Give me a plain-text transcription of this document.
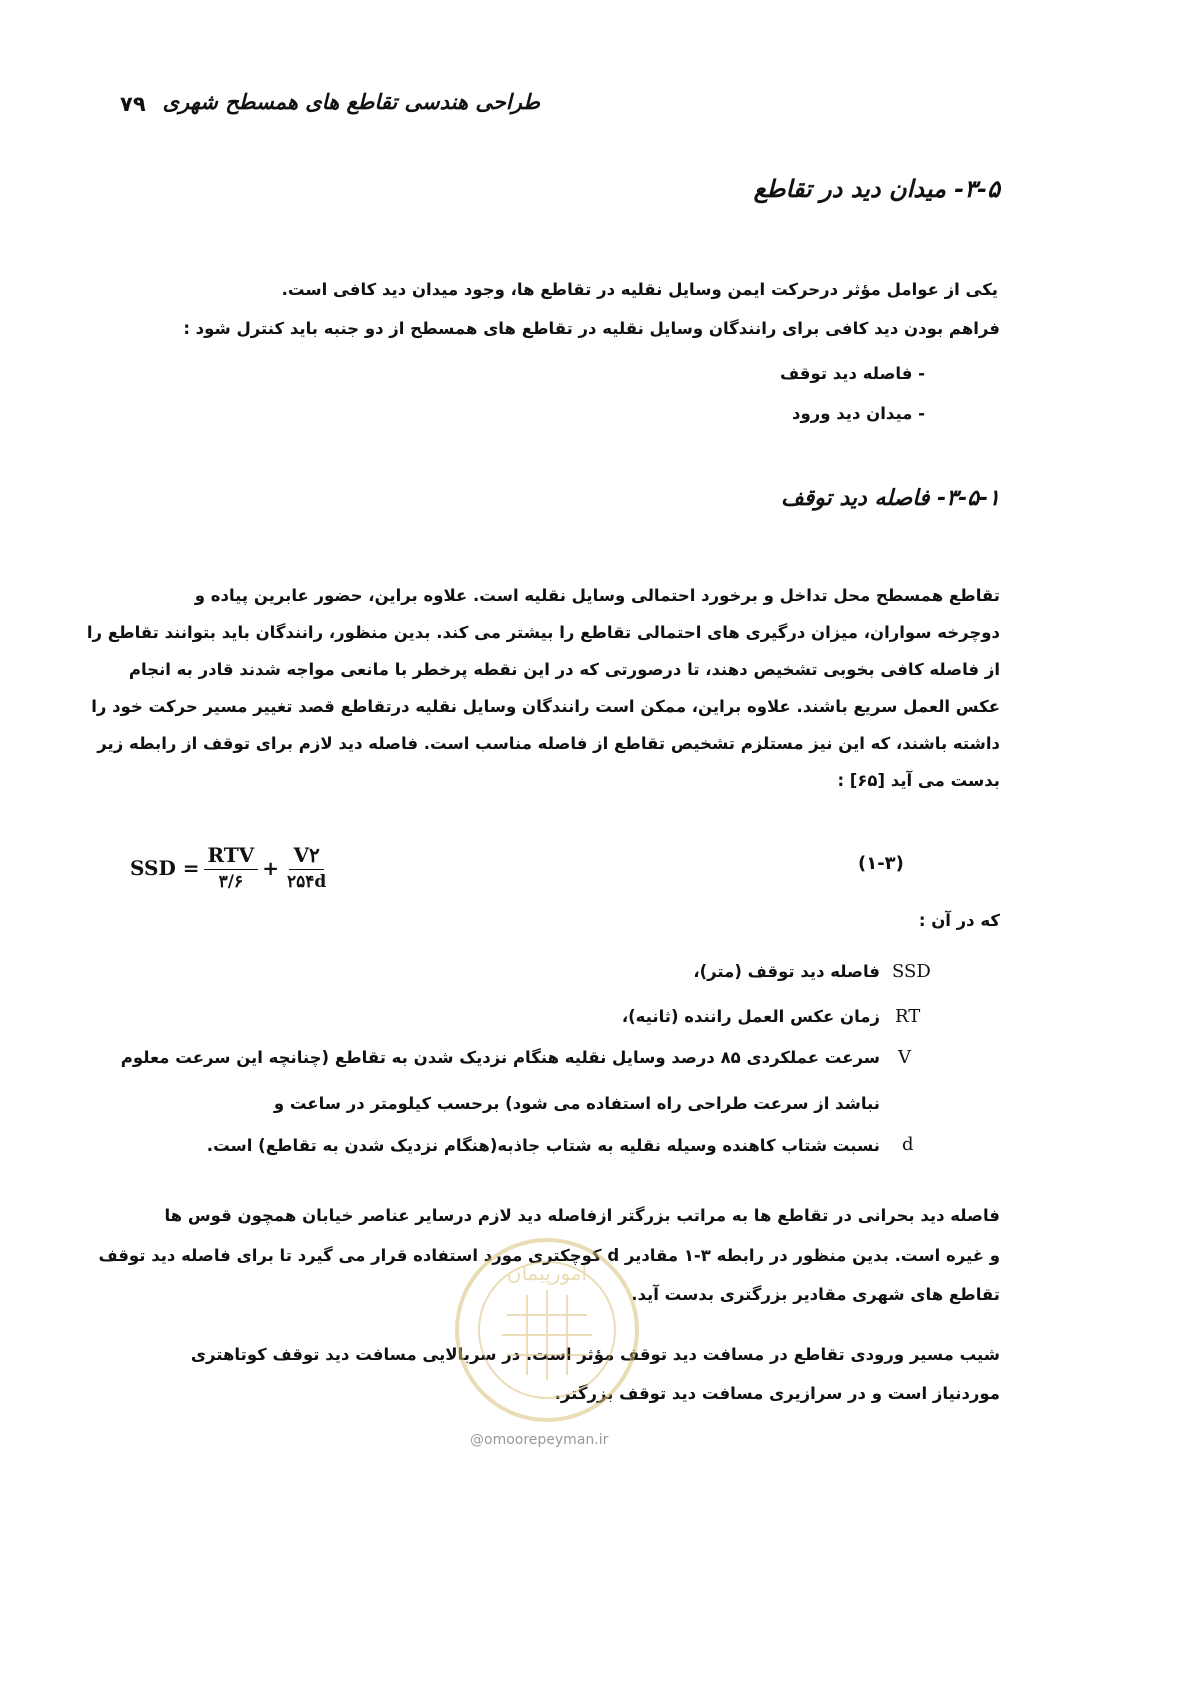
۷۹ طراحی هندسی تقاطع های همسطح شهری
۳-۵- میدان دید در تقاطع
یکی از عوامل مؤثر درحرکت ایمن وسایل نقلیه در تقاطع ها، وجود میدان دید کافی است.
فراهم بودن دید کافی برای رانندگان وسایل نقلیه در تقاطع های همسطح از دو جنبه باید کنترل شود :
- فاصله دید توقف
- میدان دید ورود
۳-۵-۱- فاصله دید توقف
تقاطع همسطح محل تداخل و برخورد احتمالی وسایل نقلیه است. علاوه براین، حضور عابرین پیاده و
دوچرخه سواران، میزان درگیری های احتمالی تقاطع را بیشتر می کند. بدین منظور، رانندگان باید بتوانند تقاطع را
از فاصله کافی بخوبی تشخیص دهند، تا درصورتی که در این نقطه پرخطر با مانعی مواجه شدند قادر به انجام
عکس العمل سریع باشند. علاوه براین، ممکن است رانندگان وسایل نقلیه درتقاطع قصد تغییر مسیر حرکت خود را
داشته باشند، که این نیز مستلزم تشخیص تقاطع از فاصله مناسب است. فاصله دید لازم برای توقف از رابطه زیر
بدست می آید [۶۵] :
SSD = $\frac{\text{RTV}}{۳/۶} + \frac{V۲}{۲۵۴d}$	(۱-۳)
که در آن :
SSD
فاصله دید توقف (متر)،
RT
زمان عکس العمل راننده (ثانیه)،
V
سرعت عملکردی ۸۵ درصد وسایل نقلیه هنگام نزدیک شدن به تقاطع (چنانچه این سرعت معلوم
نباشد از سرعت طراحی راه استفاده می شود) برحسب کیلومتر در ساعت و
d
نسبت شتاب کاهنده وسیله نقلیه به شتاب جاذبه(هنگام نزدیک شدن به تقاطع) است.
فاصله دید بحرانی در تقاطع ها به مراتب بزرگتر ازفاصله دید لازم درسایر عناصر خیابان همچون قوس ها
و غیره است. بدین منظور در رابطه ۳-۱ مقادیر d کوچکتری مورد استفاده قرار می گیرد تا برای فاصله دید توقف
تقاطع های شهری مقادیر بزرگتری بدست آید.
شیب مسیر ورودی تقاطع در مسافت دید توقف مؤثر است. در سربالایی مسافت دید توقف کوتاهتری
موردنیاز است و در سرازیری مسافت دید توقف بزرگتر.
امورپیمان
@omoorepeyman.ir
